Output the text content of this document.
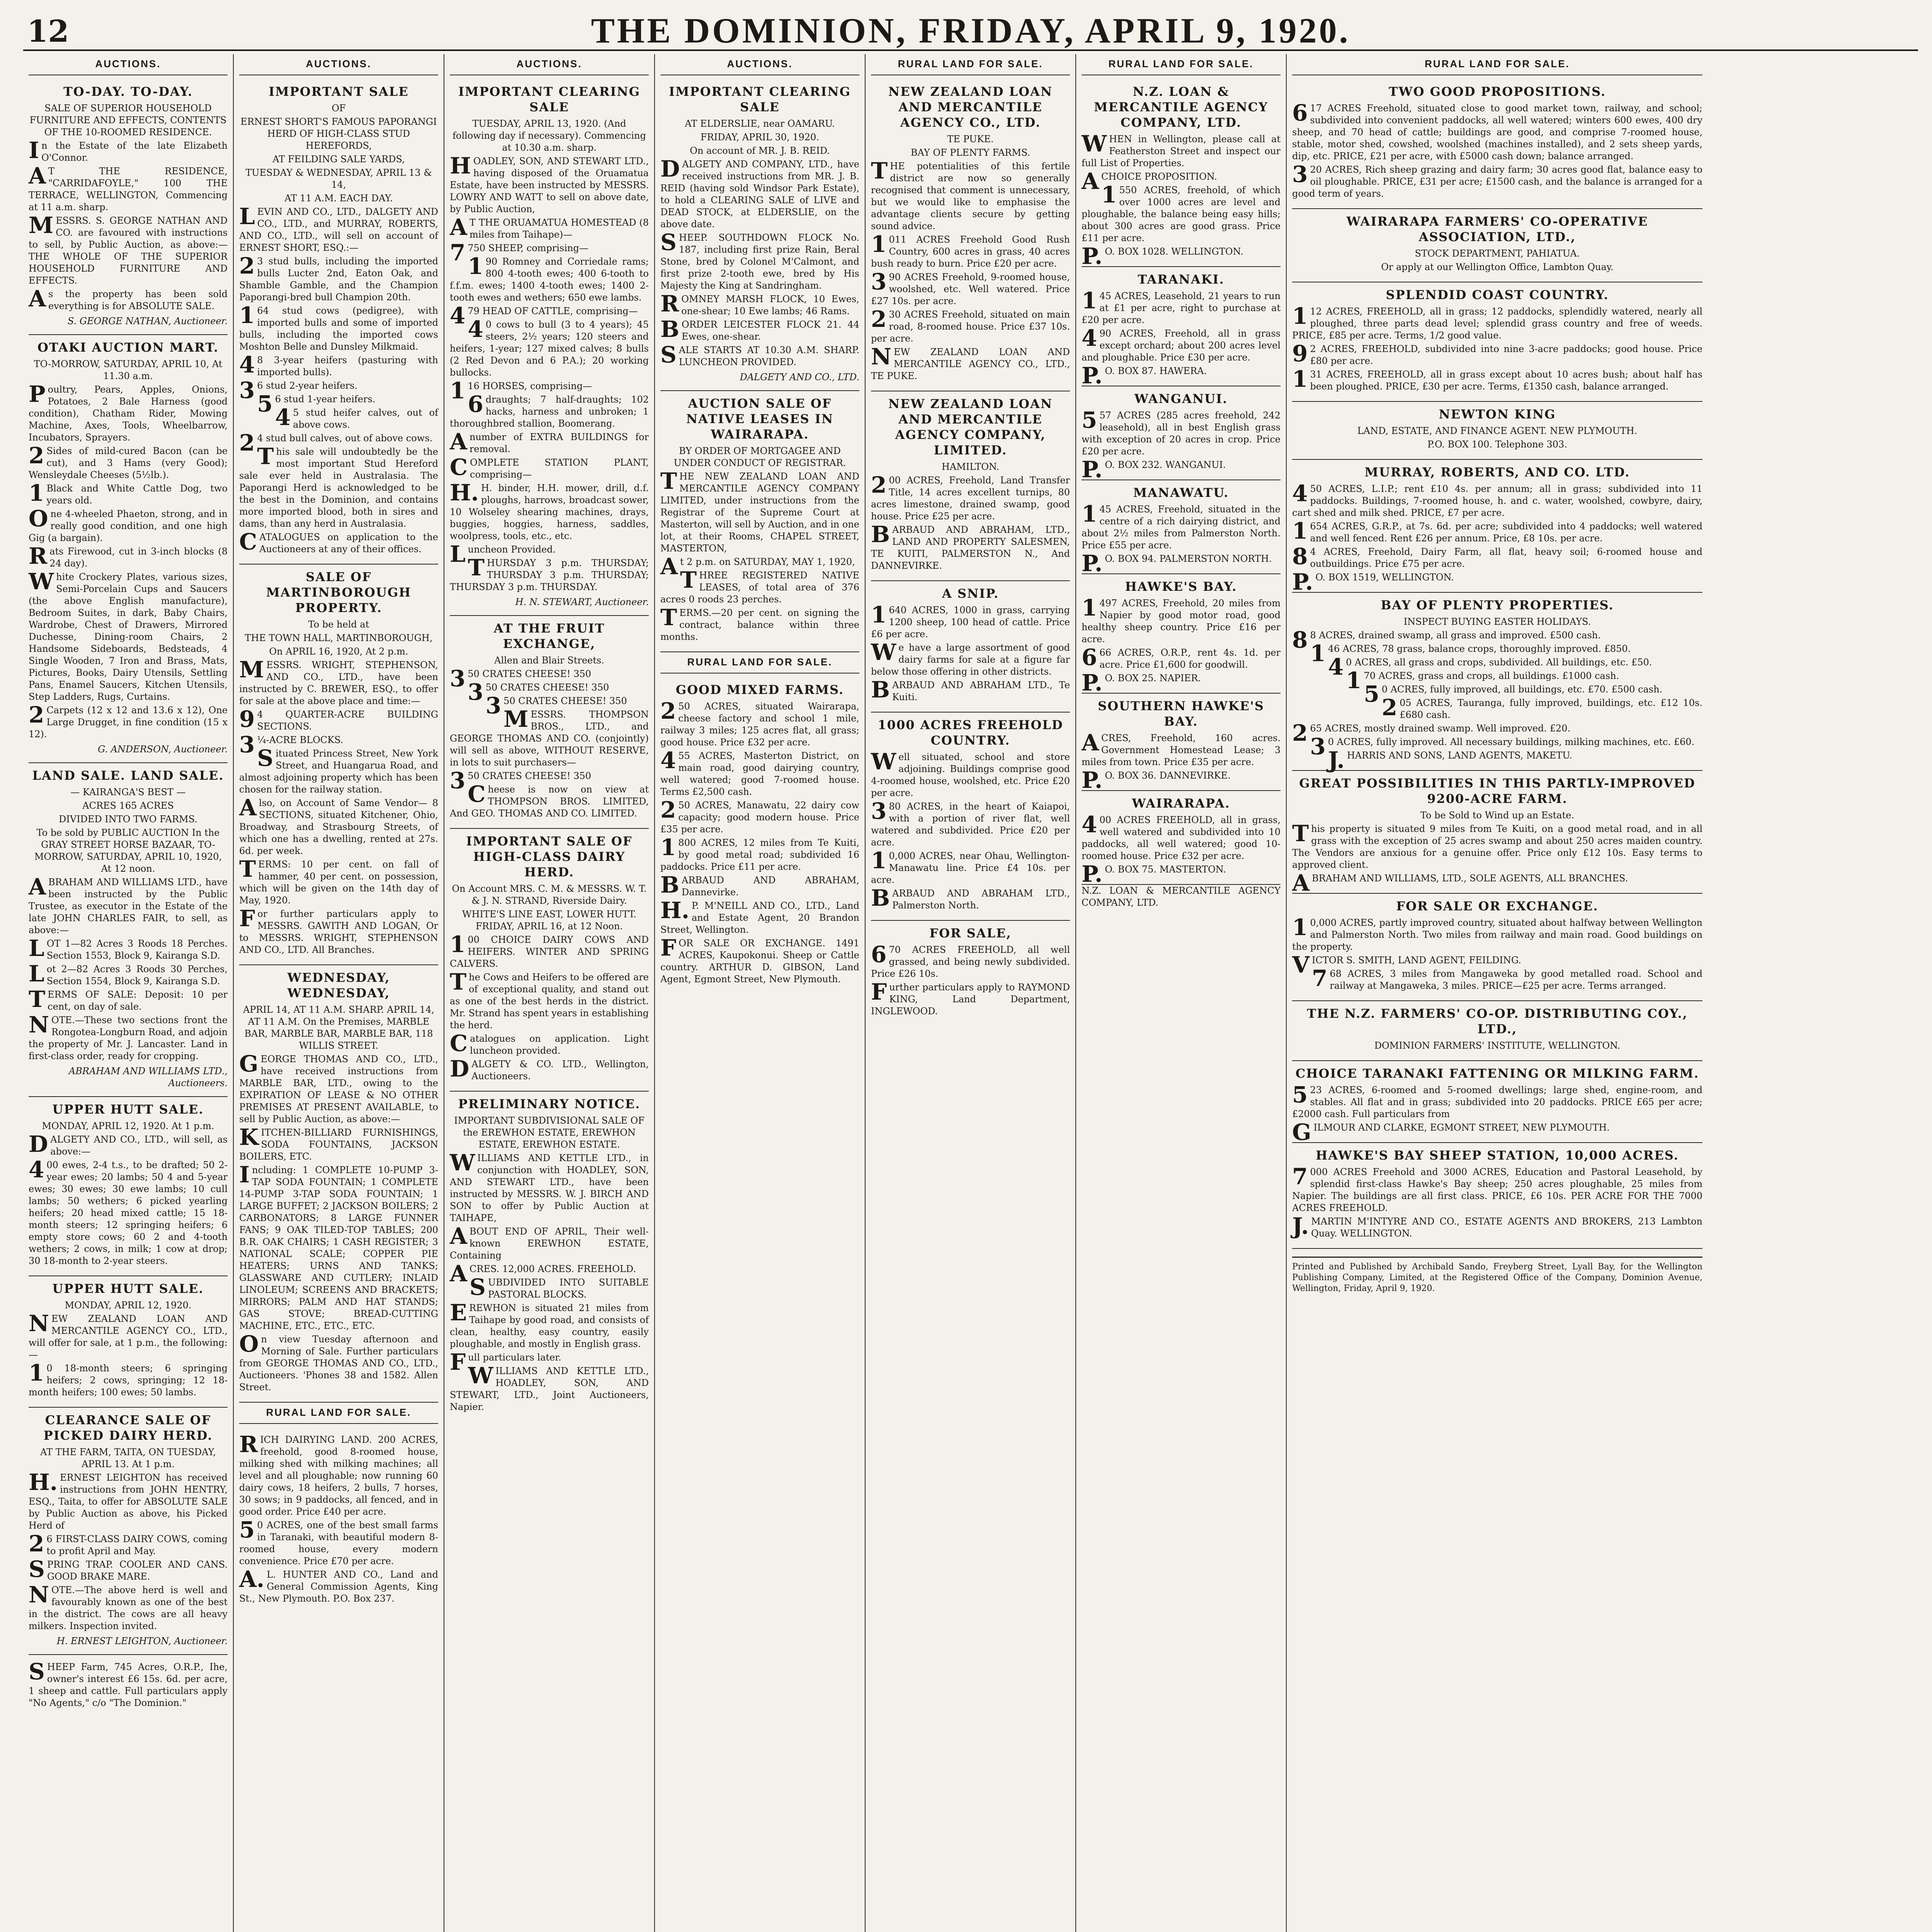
12	THE DOMINION, FRIDAY, APRIL 9, 1920.
AUCTIONS.
TO-DAY. TO-DAY.
SALE OF SUPERIOR HOUSEHOLD FURNITURE AND EFFECTS, CONTENTS OF THE 10-ROOMED RESIDENCE.
In the Estate of the late Elizabeth O'Connor.
AT THE RESIDENCE, "CARRIDAFOYLE," 100 THE TERRACE, WELLINGTON, Commencing at 11 a.m. sharp.
MESSRS. S. GEORGE NATHAN AND CO. are favoured with instructions to sell, by Public Auction, as above:— THE WHOLE OF THE SUPERIOR HOUSEHOLD FURNITURE AND EFFECTS.
As the property has been sold everything is for ABSOLUTE SALE.
S. GEORGE NATHAN, Auctioneer.
OTAKI AUCTION MART.
TO-MORROW, SATURDAY, APRIL 10, At 11.30 a.m.
Poultry, Pears, Apples, Onions, Potatoes, 2 Bale Harness (good condition), Chatham Rider, Mowing Machine, Axes, Tools, Wheelbarrow, Incubators, Sprayers.
2Sides of mild-cured Bacon (can be cut), and 3 Hams (very Good); Wensleydale Cheeses (5½lb.).
1Black and White Cattle Dog, two years old.
One 4-wheeled Phaeton, strong, and in really good condition, and one high Gig (a bargain).
Rats Firewood, cut in 3-inch blocks (8 24 day).
White Crockery Plates, various sizes, Semi-Porcelain Cups and Saucers (the above English manufacture), Bedroom Suites, in dark, Baby Chairs, Wardrobe, Chest of Drawers, Mirrored Duchesse, Dining-room Chairs, 2 Handsome Sideboards, Bedsteads, 4 Single Wooden, 7 Iron and Brass, Mats, Pictures, Books, Dairy Utensils, Settling Pans, Enamel Saucers, Kitchen Utensils, Step Ladders, Rugs, Curtains.
2Carpets (12 x 12 and 13.6 x 12), One Large Drugget, in fine condition (15 x 12).
G. ANDERSON, Auctioneer.
LAND SALE. LAND SALE.
— KAIRANGA'S BEST —
ACRES 165 ACRES
DIVIDED INTO TWO FARMS.
To be sold by PUBLIC AUCTION In the GRAY STREET HORSE BAZAAR, TO-MORROW, SATURDAY, APRIL 10, 1920, At 12 noon.
ABRAHAM AND WILLIAMS LTD., have been instructed by the Public Trustee, as executor in the Estate of the late JOHN CHARLES FAIR, to sell, as above:—
LOT 1—82 Acres 3 Roods 18 Perches. Section 1553, Block 9, Kairanga S.D.
Lot 2—82 Acres 3 Roods 30 Perches, Section 1554, Block 9, Kairanga S.D.
TERMS OF SALE: Deposit: 10 per cent, on day of sale.
NOTE.—These two sections front the Rongotea-Longburn Road, and adjoin the property of Mr. J. Lancaster. Land in first-class order, ready for cropping.
ABRAHAM AND WILLIAMS LTD., Auctioneers.
UPPER HUTT SALE.
MONDAY, APRIL 12, 1920. At 1 p.m.
DALGETY AND CO., LTD., will sell, as above:—
400 ewes, 2-4 t.s., to be drafted; 50 2-year ewes; 20 lambs; 50 4 and 5-year ewes; 30 ewes; 30 ewe lambs; 10 cull lambs; 50 wethers; 6 picked yearling heifers; 20 head mixed cattle; 15 18-month steers; 12 springing heifers; 6 empty store cows; 60 2 and 4-tooth wethers; 2 cows, in milk; 1 cow at drop; 30 18-month to 2-year steers.
UPPER HUTT SALE.
MONDAY, APRIL 12, 1920.
NEW ZEALAND LOAN AND MERCANTILE AGENCY CO., LTD., will offer for sale, at 1 p.m., the following:—
10 18-month steers; 6 springing heifers; 2 cows, springing; 12 18-month heifers; 100 ewes; 50 lambs.
CLEARANCE SALE OF PICKED DAIRY HERD.
AT THE FARM, TAITA, ON TUESDAY, APRIL 13. At 1 p.m.
H.ERNEST LEIGHTON has received instructions from JOHN HENTRY, ESQ., Taita, to offer for ABSOLUTE SALE by Public Auction as above, his Picked Herd of
26 FIRST-CLASS DAIRY COWS, coming to profit April and May.
SPRING TRAP. COOLER AND CANS. GOOD BRAKE MARE.
NOTE.—The above herd is well and favourably known as one of the best in the district. The cows are all heavy milkers. Inspection invited.
H. ERNEST LEIGHTON, Auctioneer.
SHEEP Farm, 745 Acres, O.R.P., Ihe, owner's interest £6 15s. 6d. per acre, 1 sheep and cattle. Full particulars apply "No Agents," c/o "The Dominion."
AUCTIONS.
IMPORTANT SALE
OF
ERNEST SHORT'S FAMOUS PAPORANGI HERD OF HIGH-CLASS STUD HEREFORDS,
AT FEILDING SALE YARDS,
TUESDAY & WEDNESDAY, APRIL 13 & 14,
AT 11 A.M. EACH DAY.
LEVIN AND CO., LTD., DALGETY AND CO., LTD., and MURRAY, ROBERTS, AND CO., LTD., will sell on account of ERNEST SHORT, ESQ.:—
23 stud bulls, including the imported bulls Lucter 2nd, Eaton Oak, and Shamble Gamble, and the Champion Paporangi-bred bull Champion 20th.
164 stud cows (pedigree), with imported bulls and some of imported bulls, including the imported cows Moshton Belle and Dunsley Milkmaid.
48 3-year heifers (pasturing with imported bulls).
36 stud 2-year heifers.
56 stud 1-year heifers.
45 stud heifer calves, out of above cows.
24 stud bull calves, out of above cows.
This sale will undoubtedly be the most important Stud Hereford sale ever held in Australasia. The Paporangi Herd is acknowledged to be the best in the Dominion, and contains more imported blood, both in sires and dams, than any herd in Australasia.
CATALOGUES on application to the Auctioneers at any of their offices.
SALE OF MARTINBOROUGH PROPERTY.
To be held at
THE TOWN HALL, MARTINBOROUGH,
On APRIL 16, 1920, At 2 p.m.
MESSRS. WRIGHT, STEPHENSON, AND CO., LTD., have been instructed by C. BREWER, ESQ., to offer for sale at the above place and time:—
94 QUARTER-ACRE BUILDING SECTIONS.
3¼-ACRE BLOCKS.
Situated Princess Street, New York Street, and Huangarua Road, and almost adjoining property which has been chosen for the railway station.
Also, on Account of Same Vendor— 8 SECTIONS, situated Kitchener, Ohio, Broadway, and Strasbourg Streets, of which one has a dwelling, rented at 27s. 6d. per week.
TERMS: 10 per cent. on fall of hammer, 40 per cent. on possession, which will be given on the 14th day of May, 1920.
For further particulars apply to MESSRS. GAWITH AND LOGAN, Or to MESSRS. WRIGHT, STEPHENSON AND CO., LTD. All Branches.
WEDNESDAY, WEDNESDAY,
APRIL 14, AT 11 A.M. SHARP. APRIL 14, AT 11 A.M. On the Premises, MARBLE BAR, MARBLE BAR, MARBLE BAR, 118 WILLIS STREET.
GEORGE THOMAS AND CO., LTD., have received instructions from MARBLE BAR, LTD., owing to the EXPIRATION OF LEASE & NO OTHER PREMISES AT PRESENT AVAILABLE, to sell by Public Auction, as above:—
KITCHEN-BILLIARD FURNISHINGS, SODA FOUNTAINS, JACKSON BOILERS, ETC.
Including: 1 COMPLETE 10-PUMP 3-TAP SODA FOUNTAIN; 1 COMPLETE 14-PUMP 3-TAP SODA FOUNTAIN; 1 LARGE BUFFET; 2 JACKSON BOILERS; 2 CARBONATORS; 8 LARGE FUNNER FANS; 9 OAK TILED-TOP TABLES; 200 B.R. OAK CHAIRS; 1 CASH REGISTER; 3 NATIONAL SCALE; COPPER PIE HEATERS; URNS AND TANKS; GLASSWARE AND CUTLERY; INLAID LINOLEUM; SCREENS AND BRACKETS; MIRRORS; PALM AND HAT STANDS; GAS STOVE; BREAD-CUTTING MACHINE, ETC., ETC., ETC.
On view Tuesday afternoon and Morning of Sale. Further particulars from GEORGE THOMAS AND CO., LTD., Auctioneers. 'Phones 38 and 1582. Allen Street.
RURAL LAND FOR SALE.
RICH DAIRYING LAND. 200 ACRES, freehold, good 8-roomed house, milking shed with milking machines; all level and all ploughable; now running 60 dairy cows, 18 heifers, 2 bulls, 7 horses, 30 sows; in 9 paddocks, all fenced, and in good order. Price £40 per acre.
50 ACRES, one of the best small farms in Taranaki, with beautiful modern 8-roomed house, every modern convenience. Price £70 per acre.
A.L. HUNTER AND CO., Land and General Commission Agents, King St., New Plymouth. P.O. Box 237.
AUCTIONS.
IMPORTANT CLEARING SALE
TUESDAY, APRIL 13, 1920. (And following day if necessary). Commencing at 10.30 a.m. sharp.
HOADLEY, SON, AND STEWART LTD., having disposed of the Oruamatua Estate, have been instructed by MESSRS. LOWRY AND WATT to sell on above date, by Public Auction,
AT THE ORUAMATUA HOMESTEAD (8 miles from Taihape)—
7750 SHEEP, comprising—
190 Romney and Corriedale rams; 800 4-tooth ewes; 400 6-tooth to f.f.m. ewes; 1400 4-tooth ewes; 1400 2-tooth ewes and wethers; 650 ewe lambs.
479 HEAD OF CATTLE, comprising—
40 cows to bull (3 to 4 years); 45 steers, 2½ years; 120 steers and heifers, 1-year; 127 mixed calves; 8 bulls (2 Red Devon and 6 P.A.); 20 working bullocks.
116 HORSES, comprising—
6draughts; 7 half-draughts; 102 hacks, harness and unbroken; 1 thoroughbred stallion, Boomerang.
Anumber of EXTRA BUILDINGS for removal.
COMPLETE STATION PLANT, comprising—
H.H. binder, H.H. mower, drill, d.f. ploughs, harrows, broadcast sower, 10 Wolseley shearing machines, drays, buggies, hoggies, harness, saddles, woolpress, tools, etc., etc.
Luncheon Provided.
THURSDAY 3 p.m. THURSDAY; THURSDAY 3 p.m. THURSDAY; THURSDAY 3 p.m. THURSDAY.
H. N. STEWART, Auctioneer.
AT THE FRUIT EXCHANGE,
Allen and Blair Streets.
350 CRATES CHEESE! 350
350 CRATES CHEESE! 350
350 CRATES CHEESE! 350
MESSRS. THOMPSON BROS., LTD., and GEORGE THOMAS AND CO. (conjointly) will sell as above, WITHOUT RESERVE, in lots to suit purchasers—
350 CRATES CHEESE! 350
Cheese is now on view at THOMPSON BROS. LIMITED, And GEO. THOMAS AND CO. LIMITED.
IMPORTANT SALE OF HIGH-CLASS DAIRY HERD.
On Account MRS. C. M. & MESSRS. W. T. & J. N. STRAND, Riverside Dairy.
WHITE'S LINE EAST, LOWER HUTT. FRIDAY, APRIL 16, at 12 Noon.
100 CHOICE DAIRY COWS AND HEIFERS. WINTER AND SPRING CALVERS.
The Cows and Heifers to be offered are of exceptional quality, and stand out as one of the best herds in the district. Mr. Strand has spent years in establishing the herd.
Catalogues on application. Light luncheon provided.
DALGETY & CO. LTD., Wellington, Auctioneers.
PRELIMINARY NOTICE.
IMPORTANT SUBDIVISIONAL SALE OF the EREWHON ESTATE, EREWHON ESTATE, EREWHON ESTATE.
WILLIAMS AND KETTLE LTD., in conjunction with HOADLEY, SON, AND STEWART LTD., have been instructed by MESSRS. W. J. BIRCH AND SON to offer by Public Auction at TAIHAPE,
ABOUT END OF APRIL, Their well-known EREWHON ESTATE, Containing
ACRES. 12,000 ACRES. FREEHOLD.
SUBDIVIDED INTO SUITABLE PASTORAL BLOCKS.
EREWHON is situated 21 miles from Taihape by good road, and consists of clean, healthy, easy country, easily ploughable, and mostly in English grass.
Full particulars later.
WILLIAMS AND KETTLE LTD., HOADLEY, SON, AND STEWART, LTD., Joint Auctioneers, Napier.
AUCTIONS.
IMPORTANT CLEARING SALE
AT ELDERSLIE, near OAMARU.
FRIDAY, APRIL 30, 1920.
On account of MR. J. B. REID.
DALGETY AND COMPANY, LTD., have received instructions from MR. J. B. REID (having sold Windsor Park Estate), to hold a CLEARING SALE of LIVE and DEAD STOCK, at ELDERSLIE, on the above date.
SHEEP. SOUTHDOWN FLOCK No. 187, including first prize Rain, Beral Stone, bred by Colonel M'Calmont, and first prize 2-tooth ewe, bred by His Majesty the King at Sandringham.
ROMNEY MARSH FLOCK, 10 Ewes, one-shear; 10 Ewe lambs; 46 Rams.
BORDER LEICESTER FLOCK 21. 44 Ewes, one-shear.
SALE STARTS AT 10.30 A.M. SHARP. LUNCHEON PROVIDED.
DALGETY AND CO., LTD.
AUCTION SALE OF NATIVE LEASES IN WAIRARAPA.
BY ORDER OF MORTGAGEE AND UNDER CONDUCT OF REGISTRAR.
THE NEW ZEALAND LOAN AND MERCANTILE AGENCY COMPANY LIMITED, under instructions from the Registrar of the Supreme Court at Masterton, will sell by Auction, and in one lot, at their Rooms, CHAPEL STREET, MASTERTON,
At 2 p.m. on SATURDAY, MAY 1, 1920,
THREE REGISTERED NATIVE LEASES, of total area of 376 acres 0 roods 23 perches.
TERMS.—20 per cent. on signing the contract, balance within three months.
RURAL LAND FOR SALE.
GOOD MIXED FARMS.
250 ACRES, situated Wairarapa, cheese factory and school 1 mile, railway 3 miles; 125 acres flat, all grass; good house. Price £32 per acre.
455 ACRES, Masterton District, on main road, good dairying country, well watered; good 7-roomed house. Terms £2,500 cash.
250 ACRES, Manawatu, 22 dairy cow capacity; good modern house. Price £35 per acre.
1800 ACRES, 12 miles from Te Kuiti, by good metal road; subdivided 16 paddocks. Price £11 per acre.
BARBAUD AND ABRAHAM, Dannevirke.
H.P. M'NEILL AND CO., LTD., Land and Estate Agent, 20 Brandon Street, Wellington.
FOR SALE OR EXCHANGE. 1491 ACRES, Kaupokonui. Sheep or Cattle country. ARTHUR D. GIBSON, Land Agent, Egmont Street, New Plymouth.
RURAL LAND FOR SALE.
NEW ZEALAND LOAN AND MERCANTILE AGENCY CO., LTD.
TE PUKE.
BAY OF PLENTY FARMS.
THE potentialities of this fertile district are now so generally recognised that comment is unnecessary, but we would like to emphasise the advantage clients secure by getting sound advice.
1011 ACRES Freehold Good Rush Country, 600 acres in grass, 40 acres bush ready to burn. Price £20 per acre.
390 ACRES Freehold, 9-roomed house, woolshed, etc. Well watered. Price £27 10s. per acre.
230 ACRES Freehold, situated on main road, 8-roomed house. Price £37 10s. per acre.
NEW ZEALAND LOAN AND MERCANTILE AGENCY CO., LTD., TE PUKE.
NEW ZEALAND LOAN AND MERCANTILE AGENCY COMPANY, LIMITED.
HAMILTON.
200 ACRES, Freehold, Land Transfer Title, 14 acres excellent turnips, 80 acres limestone, drained swamp, good house. Price £25 per acre.
BARBAUD AND ABRAHAM, LTD., LAND AND PROPERTY SALESMEN, TE KUITI, PALMERSTON N., And DANNEVIRKE.
A SNIP.
1640 ACRES, 1000 in grass, carrying 1200 sheep, 100 head of cattle. Price £6 per acre.
We have a large assortment of good dairy farms for sale at a figure far below those offering in other districts.
BARBAUD AND ABRAHAM LTD., Te Kuiti.
1000 ACRES FREEHOLD COUNTRY.
Well situated, school and store adjoining. Buildings comprise good 4-roomed house, woolshed, etc. Price £20 per acre.
380 ACRES, in the heart of Kaiapoi, with a portion of river flat, well watered and subdivided. Price £20 per acre.
10,000 ACRES, near Ohau, Wellington-Manawatu line. Price £4 10s. per acre.
BARBAUD AND ABRAHAM LTD., Palmerston North.
FOR SALE,
670 ACRES FREEHOLD, all well grassed, and being newly subdivided. Price £26 10s.
Further particulars apply to RAYMOND KING, Land Department, INGLEWOOD.
RURAL LAND FOR SALE.
N.Z. LOAN & MERCANTILE AGENCY COMPANY, LTD.
WHEN in Wellington, please call at Featherston Street and inspect our full List of Properties.
ACHOICE PROPOSITION.
1550 ACRES, freehold, of which over 1000 acres are level and ploughable, the balance being easy hills; about 300 acres are good grass. Price £11 per acre.
P.O. BOX 1028. WELLINGTON.
TARANAKI.
145 ACRES, Leasehold, 21 years to run at £1 per acre, right to purchase at £20 per acre.
490 ACRES, Freehold, all in grass except orchard; about 200 acres level and ploughable. Price £30 per acre.
P.O. BOX 87. HAWERA.
WANGANUI.
557 ACRES (285 acres freehold, 242 leasehold), all in best English grass with exception of 20 acres in crop. Price £20 per acre.
P.O. BOX 232. WANGANUI.
MANAWATU.
145 ACRES, Freehold, situated in the centre of a rich dairying district, and about 2½ miles from Palmerston North. Price £55 per acre.
P.O. BOX 94. PALMERSTON NORTH.
HAWKE'S BAY.
1497 ACRES, Freehold, 20 miles from Napier by good motor road, good healthy sheep country. Price £16 per acre.
666 ACRES, O.R.P., rent 4s. 1d. per acre. Price £1,600 for goodwill.
P.O. BOX 25. NAPIER.
SOUTHERN HAWKE'S BAY.
ACRES, Freehold, 160 acres. Government Homestead Lease; 3 miles from town. Price £35 per acre.
P.O. BOX 36. DANNEVIRKE.
WAIRARAPA.
400 ACRES FREEHOLD, all in grass, well watered and subdivided into 10 paddocks, all well watered; good 10-roomed house. Price £32 per acre.
P.O. BOX 75. MASTERTON.
N.Z. LOAN & MERCANTILE AGENCY COMPANY, LTD.
RURAL LAND FOR SALE.
TWO GOOD PROPOSITIONS.
617 ACRES Freehold, situated close to good market town, railway, and school; subdivided into convenient paddocks, all well watered; winters 600 ewes, 400 dry sheep, and 70 head of cattle; buildings are good, and comprise 7-roomed house, stable, motor shed, cowshed, woolshed (machines installed), and 2 sets sheep yards, dip, etc. PRICE, £21 per acre, with £5000 cash down; balance arranged.
320 ACRES, Rich sheep grazing and dairy farm; 30 acres good flat, balance easy to oil ploughable. PRICE, £31 per acre; £1500 cash, and the balance is arranged for a good term of years.
WAIRARAPA FARMERS' CO-OPERATIVE ASSOCIATION, LTD.,
STOCK DEPARTMENT, PAHIATUA.
Or apply at our Wellington Office, Lambton Quay.
SPLENDID COAST COUNTRY.
112 ACRES, FREEHOLD, all in grass; 12 paddocks, splendidly watered, nearly all ploughed, three parts dead level; splendid grass country and free of weeds. PRICE, £85 per acre. Terms, 1/2 good value.
92 ACRES, FREEHOLD, subdivided into nine 3-acre paddocks; good house. Price £80 per acre.
131 ACRES, FREEHOLD, all in grass except about 10 acres bush; about half has been ploughed. PRICE, £30 per acre. Terms, £1350 cash, balance arranged.
NEWTON KING
LAND, ESTATE, AND FINANCE AGENT. NEW PLYMOUTH.
P.O. BOX 100. Telephone 303.
MURRAY, ROBERTS, AND CO. LTD.
450 ACRES, L.I.P.; rent £10 4s. per annum; all in grass; subdivided into 11 paddocks. Buildings, 7-roomed house, h. and c. water, woolshed, cowbyre, dairy, cart shed and milk shed. PRICE, £7 per acre.
1654 ACRES, G.R.P., at 7s. 6d. per acre; subdivided into 4 paddocks; well watered and well fenced. Rent £26 per annum. Price, £8 10s. per acre.
84 ACRES, Freehold, Dairy Farm, all flat, heavy soil; 6-roomed house and outbuildings. Price £75 per acre.
P.O. BOX 1519, WELLINGTON.
BAY OF PLENTY PROPERTIES.
INSPECT BUYING EASTER HOLIDAYS.
88 ACRES, drained swamp, all grass and improved. £500 cash.
146 ACRES, 78 grass, balance crops, thoroughly improved. £850.
40 ACRES, all grass and crops, subdivided. All buildings, etc. £50.
170 ACRES, grass and crops, all buildings. £1000 cash.
50 ACRES, fully improved, all buildings, etc. £70. £500 cash.
205 ACRES, Tauranga, fully improved, buildings, etc. £12 10s. £680 cash.
265 ACRES, mostly drained swamp. Well improved. £20.
30 ACRES, fully improved. All necessary buildings, milking machines, etc. £60.
J.HARRIS AND SONS, LAND AGENTS, MAKETU.
GREAT POSSIBILITIES IN THIS PARTLY-IMPROVED 9200-ACRE FARM.
To be Sold to Wind up an Estate.
This property is situated 9 miles from Te Kuiti, on a good metal road, and in all grass with the exception of 25 acres swamp and about 250 acres maiden country. The Vendors are anxious for a genuine offer. Price only £12 10s. Easy terms to approved client.
ABRAHAM AND WILLIAMS, LTD., SOLE AGENTS, ALL BRANCHES.
FOR SALE OR EXCHANGE.
10,000 ACRES, partly improved country, situated about halfway between Wellington and Palmerston North. Two miles from railway and main road. Good buildings on the property.
VICTOR S. SMITH, LAND AGENT, FEILDING.
768 ACRES, 3 miles from Mangaweka by good metalled road. School and railway at Mangaweka, 3 miles. PRICE—£25 per acre. Terms arranged.
THE N.Z. FARMERS' CO-OP. DISTRIBUTING COY., LTD.,
DOMINION FARMERS' INSTITUTE, WELLINGTON.
CHOICE TARANAKI FATTENING OR MILKING FARM.
523 ACRES, 6-roomed and 5-roomed dwellings; large shed, engine-room, and stables. All flat and in grass; subdivided into 20 paddocks. PRICE £65 per acre; £2000 cash. Full particulars from
GILMOUR AND CLARKE, EGMONT STREET, NEW PLYMOUTH.
HAWKE'S BAY SHEEP STATION, 10,000 ACRES.
7000 ACRES Freehold and 3000 ACRES, Education and Pastoral Leasehold, by splendid first-class Hawke's Bay sheep; 250 acres ploughable, 25 miles from Napier. The buildings are all first class. PRICE, £6 10s. PER ACRE FOR THE 7000 ACRES FREEHOLD.
J.MARTIN M'INTYRE AND CO., ESTATE AGENTS AND BROKERS, 213 Lambton Quay. WELLINGTON.
Printed and Published by Archibald Sando, Freyberg Street, Lyall Bay, for the Wellington Publishing Company, Limited, at the Registered Office of the Company, Dominion Avenue, Wellington, Friday, April 9, 1920.
